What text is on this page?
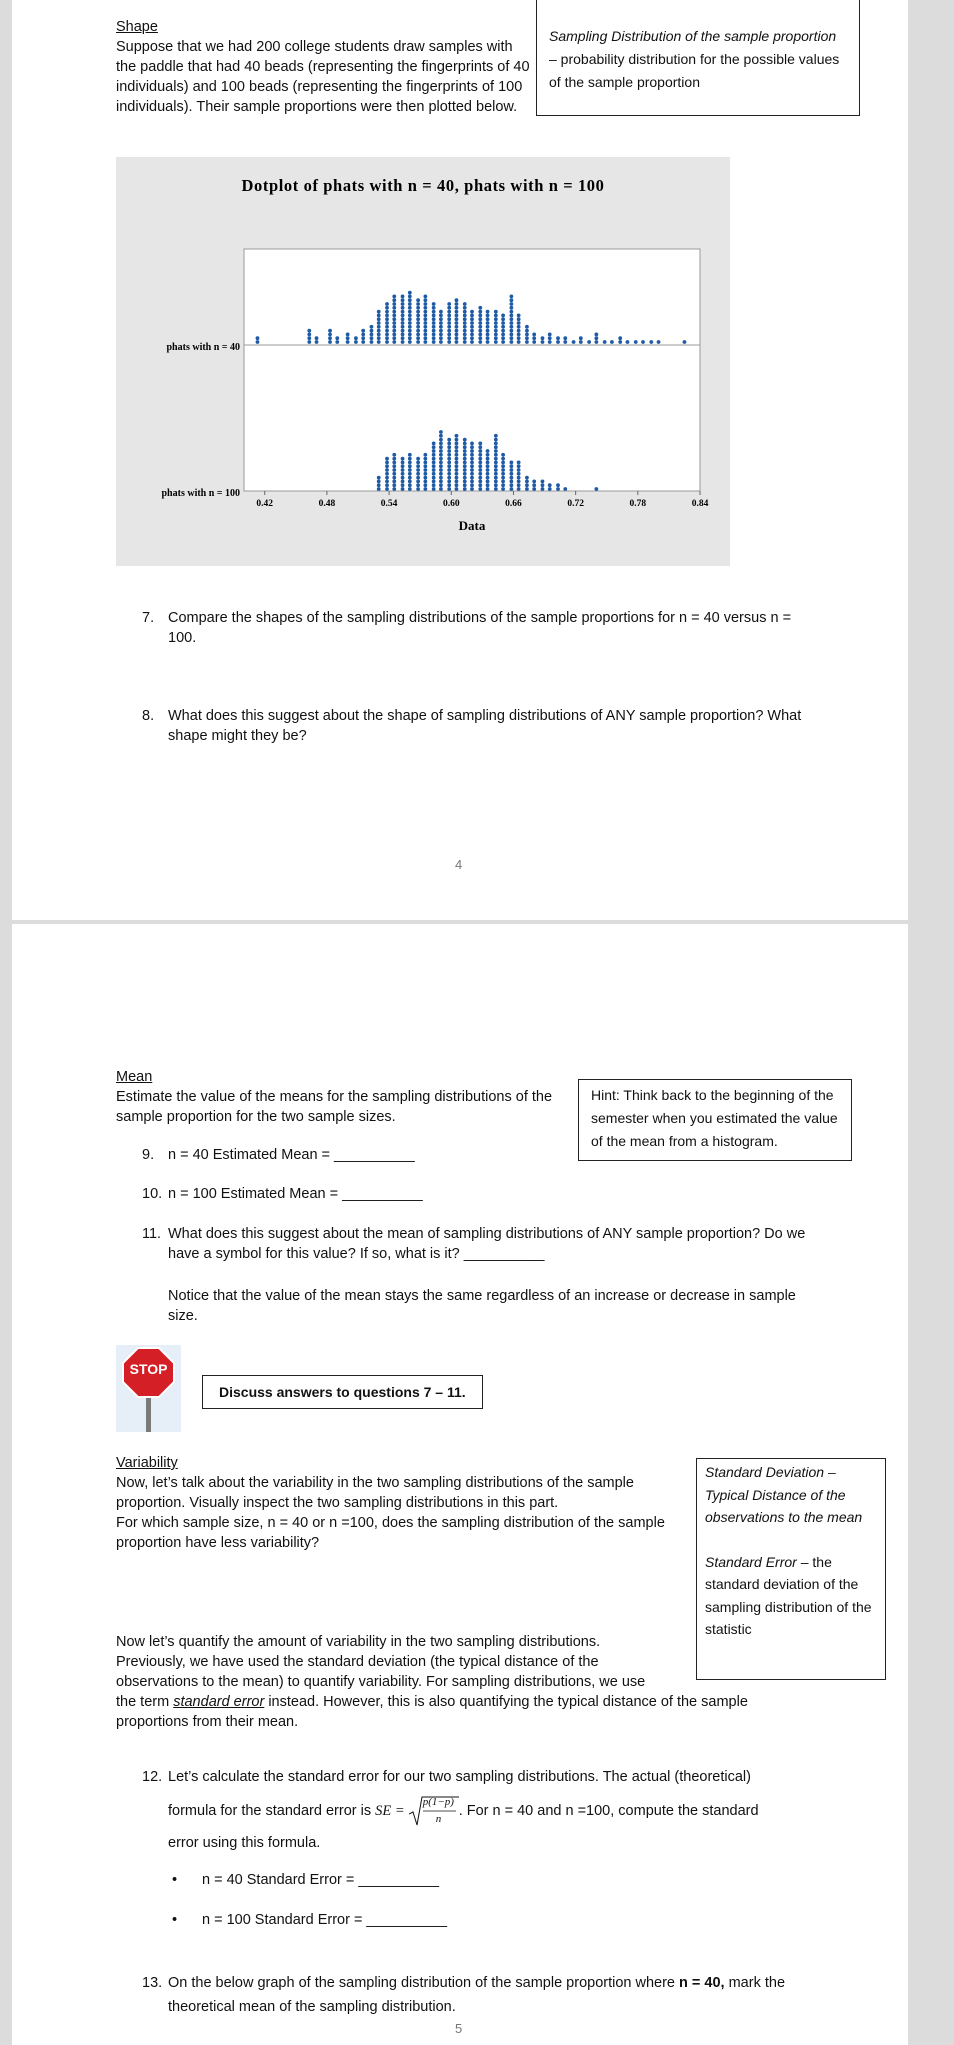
Shape
Suppose that we had 200 college students draw samples with the paddle that had 40 beads (representing the fingerprints of 40 individuals) and 100 beads (representing the fingerprints of 100 individuals). Their sample proportions were then plotted below.
Sampling Distribution of the sample proportion – probability distribution for the possible values of the sample proportion
Dotplot of phats with n = 40, phats with n = 100
phats with n = 40
phats with n = 100
0.42	0.48	0.54	0.60	0.66	0.72	0.78	0.84
Data
7. Compare the shapes of the sampling distributions of the sample proportions for n = 40 versus n = 100.
8. What does this suggest about the shape of sampling distributions of ANY sample proportion? What shape might they be?
4
Mean
Estimate the value of the means for the sampling distributions of the sample proportion for the two sample sizes.
Hint: Think back to the beginning of the semester when you estimated the value of the mean from a histogram.
9. n = 40 Estimated Mean = __________
10. n = 100 Estimated Mean = __________
11. What does this suggest about the mean of sampling distributions of ANY sample proportion? Do we have a symbol for this value? If so, what is it? __________
Notice that the value of the mean stays the same regardless of an increase or decrease in sample size.
STOP
Discuss answers to questions 7 – 11.
Variability
Now, let’s talk about the variability in the two sampling distributions of the sample proportion. Visually inspect the two sampling distributions in this part.
For which sample size, n = 40 or n =100, does the sampling distribution of the sample proportion have less variability?
Standard Deviation – Typical Distance of the observations to the mean
Standard Error – the standard deviation of the sampling distribution of the statistic
Now let’s quantify the amount of variability in the two sampling distributions. Previously, we have used the standard deviation (the typical distance of the observations to the mean) to quantify variability. For sampling distributions, we use
the term standard error instead. However, this is also quantifying the typical distance of the sample proportions from their mean.
12. Let’s calculate the standard error for our two sampling distributions. The actual (theoretical)
formula for the standard error is SE =
p(1−p)
n
. For n = 40 and n =100, compute the standard
error using this formula.
• n = 40 Standard Error = __________
• n = 100 Standard Error = __________
13. On the below graph of the sampling distribution of the sample proportion where n = 40, mark the theoretical mean of the sampling distribution.
5
